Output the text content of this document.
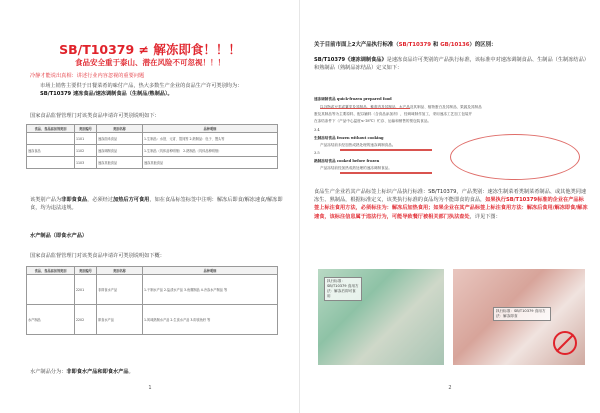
SB/T10379 ≠ 解冻即食！！！
食品安全重于泰山、潜在风险不可忽视！！！
冷静才能说出真相：讲述行业内容忽视的重要问题
市场上销售主要供于日餐菜肴的味付产品，热大多数生产企业的食品生产许可类别均为：
SB/T10379 速冻食品/速冻调制食品（生制品/熟制品）。
国家食品监督管理门对该类食品申请许可类别说明如下：
食品、食品添加剂类别	类别编号	类别名称	品种明细
	1101	速冻面米食品	1.生制品：水饺、元宵、馄饨等 2.熟制品：包子、馒头等
速冻食品	1102	速冻调制食品	1.生制品（具体品种明细） 2.熟制品（具体品种明细）
	1103	速冻其他食品	速冻其他食品
该类别产品为非即食食品，必须经过加热后方可食用，如在食品标签标签中注明：解冻后即食/解冻速食/解冻即食，均为违法违规。
水产制品（即食水产品）
国家食品监督管理门对该类食品申请许可类别说明如下概：
食品、食品添加剂类别	类别编号	类别名称	品种明细
	2201	非即食水产品	1.干制水产品 2.盐渍水产品 3.鱼糜制品 4.冷冻水产制品 等
水产制品	2202	即食水产品	1.风味熟制水产品 2.生食水产品 3.即食鱼籽 等
水产制品分为：非即食水产品和即食水产品。
1
关于目前市面上2大产品执行标准（SB/T10379 和 GB/10136）的区别：
SB/T10379《速冻调制食品》是速冻食品许可类别的产品执行标准，该标准中对速冻调制食品、生制品（生制冻结品）和熟制品（熟制品冻结品）定义如下：
速冻调制食品 quick-frozen prepared food
以谷物或豆类或薯类及其制品、畜禽肉及其制品、水产品及其制品、植物蛋白及其制品、果蔬及其制品
蛋及其制品等为主要原料，配以辅料（含食品添加剂），经调味制作加工，采用速冻工艺加工包装并
在冻结条件下（产品中心温度≤-18℃）贮存、运输和销售的预包装食品。
3.4
生制冻结食品 frozen without cooking
产品冻结前未经加热成熟处理的速冻调制食品。
3.5
熟制冻结食品 cooked before frozen
产品冻结前经加热成熟处理的速冻调制食品。
食品生产企业若其产品标签上标识产品执行标准：SB/T10379，产品类别：速冻生制菜肴类制菜肴制品、或其他类同速冻生、熟制品，根据标准定义，该类执行标准的食品均为不能即食的食品，如果执行SB/T10379标准的企业在产品标签上标注食用方法，必须标注为：解冻后加热食用；如果企业在其产品标签上标注食用方法：解冻后食用/解冻即食/解冻速食，该标注信息属于违法行为，可能导致餐厅被相关部门执法查处，详见下图：
执行标准：SB/T10379 食用方法：解冻后即可食用
执行标准：SB/T10379 食用方法：解冻即食
2
